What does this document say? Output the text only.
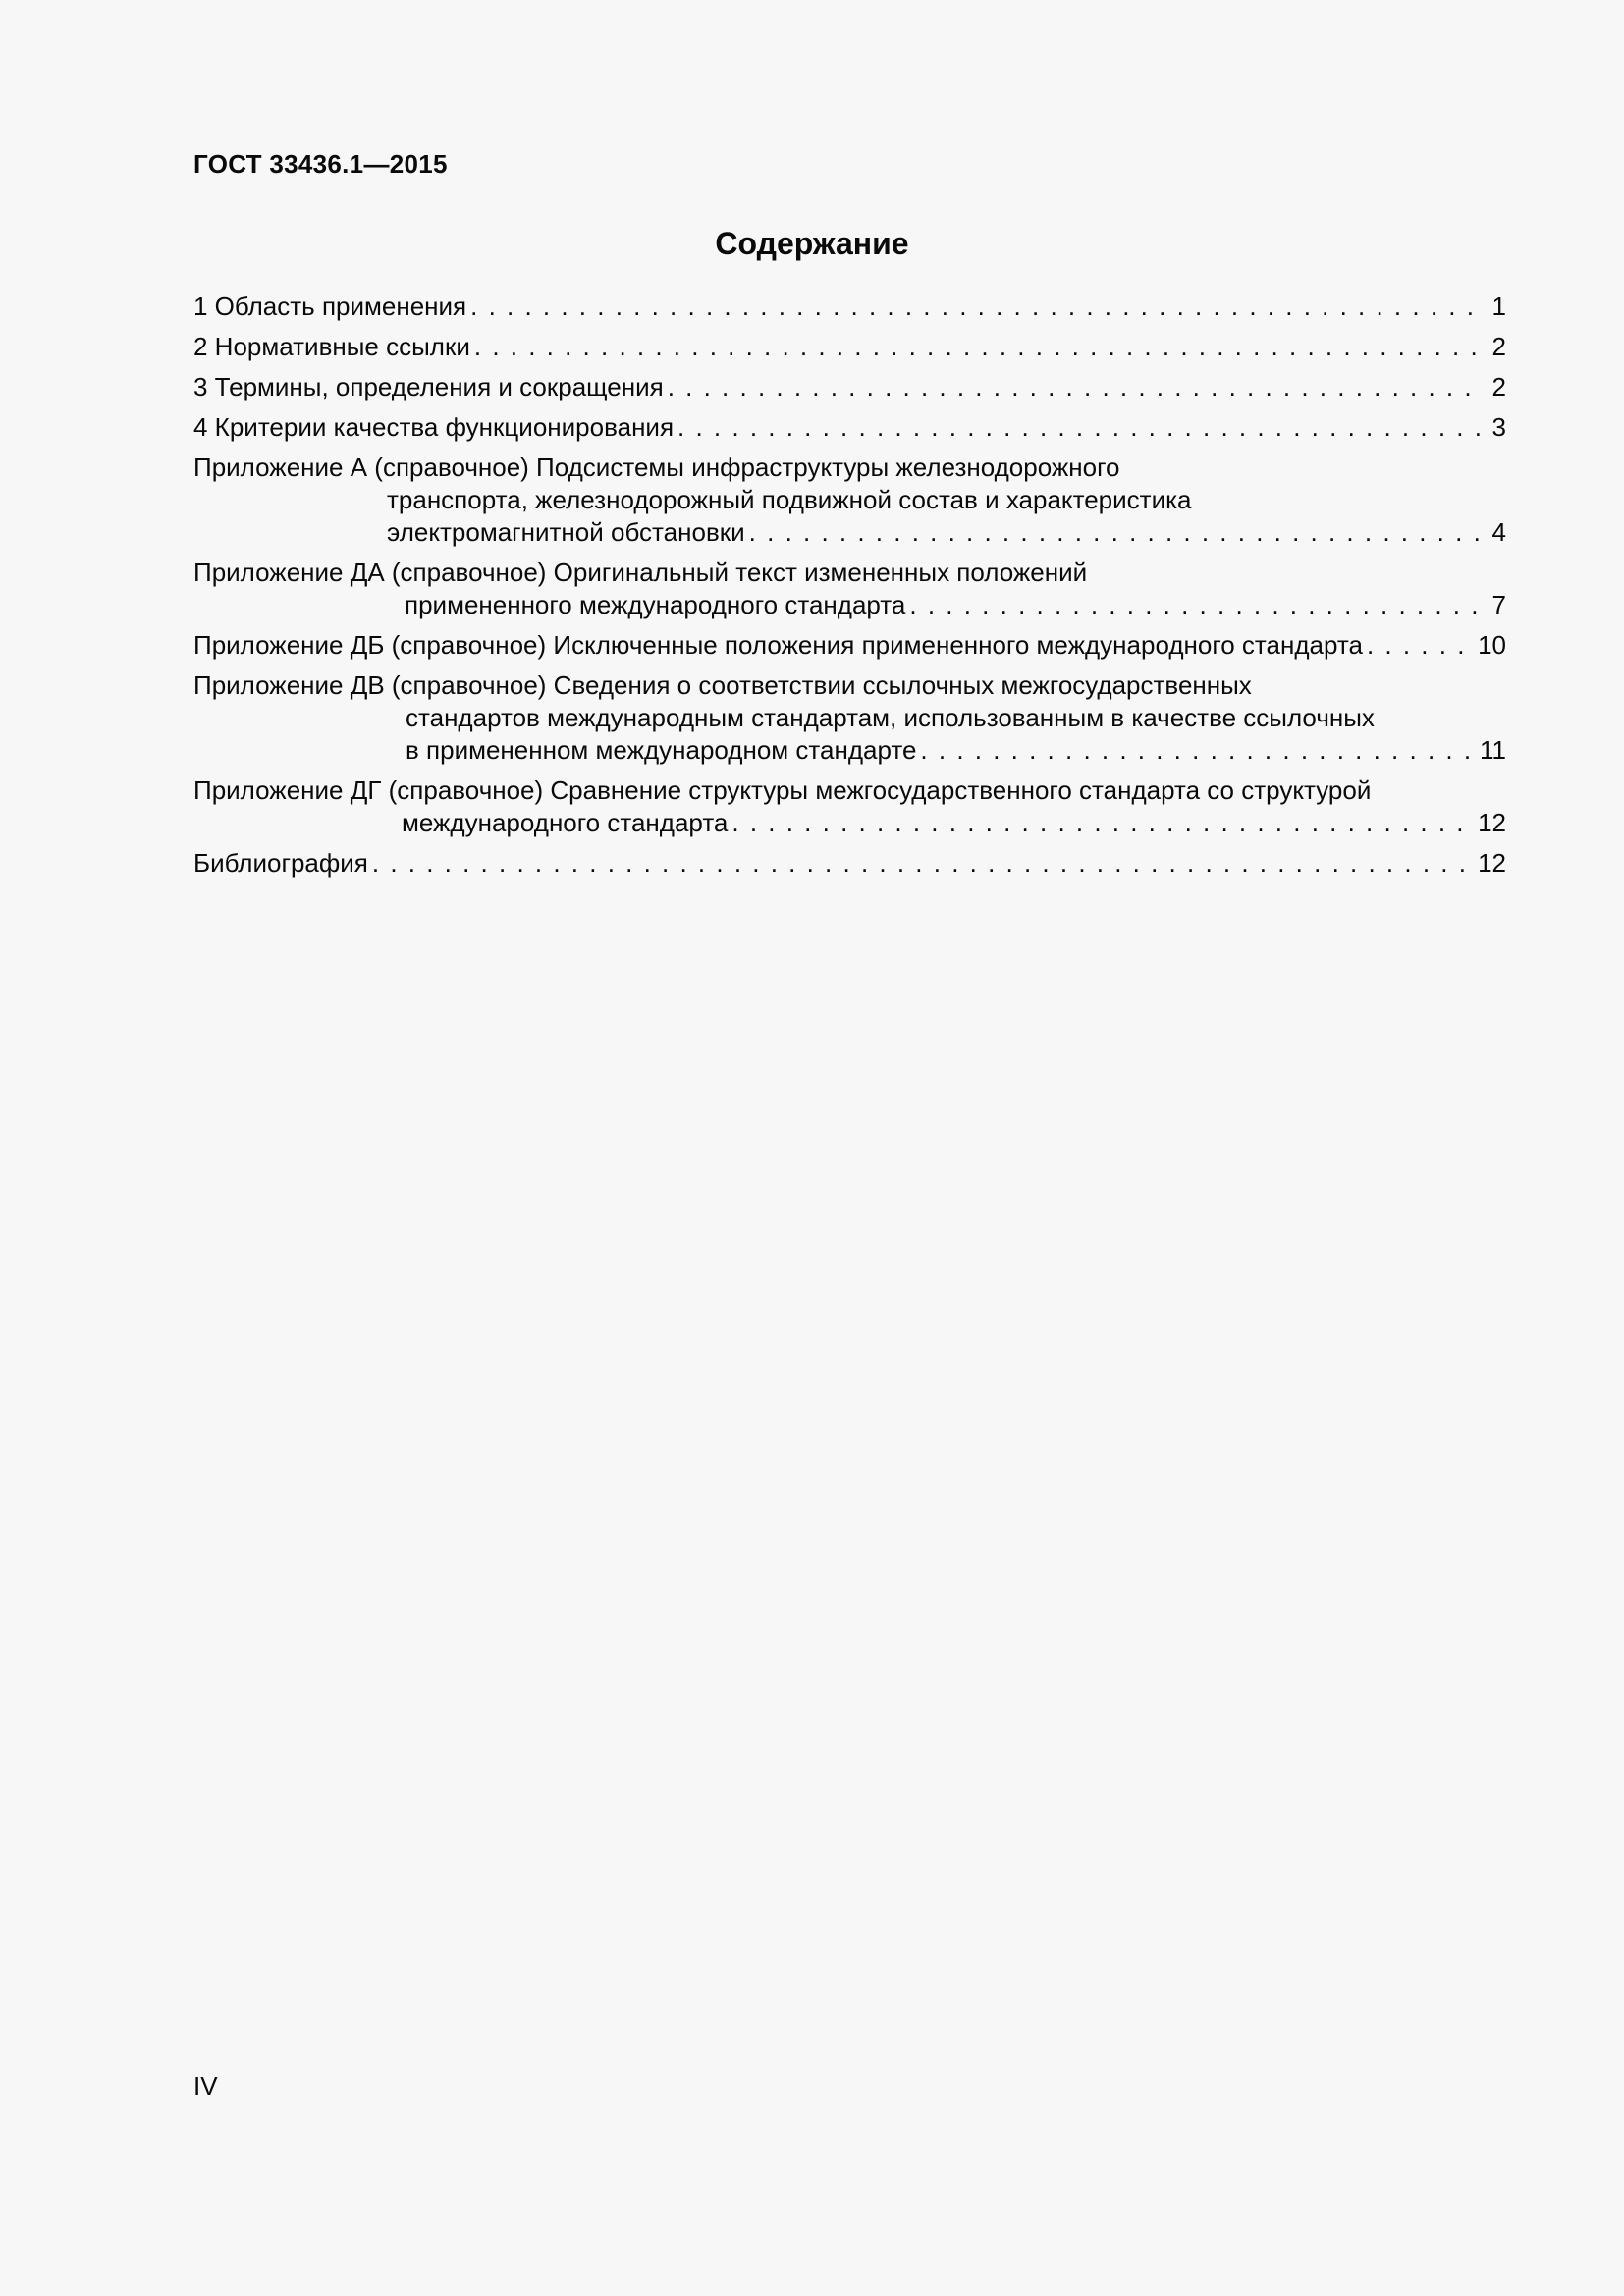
ГОСТ 33436.1—2015
Содержание
1 Область применения . . .	1
2 Нормативные ссылки . . .	2
3 Термины, определения и сокращения . . .	2
4 Критерии качества функционирования . . .	3
Приложение А (справочное) Подсистемы инфраструктуры железнодорожного
транспорта, железнодорожный подвижной состав и характеристика
электромагнитной обстановки . . .	4
Приложение ДА (справочное) Оригинальный текст измененных положений
примененного международного стандарта . . .	7
Приложение ДБ (справочное) Исключенные положения примененного международного стандарта . . .	10
Приложение ДВ (справочное) Сведения о соответствии ссылочных межгосударственных
стандартов международным стандартам, использованным в качестве ссылочных
в примененном международном стандарте . . .	11
Приложение ДГ (справочное) Сравнение структуры межгосударственного стандарта со структурой
международного стандарта . . .	12
Библиография . . .	12
IV
